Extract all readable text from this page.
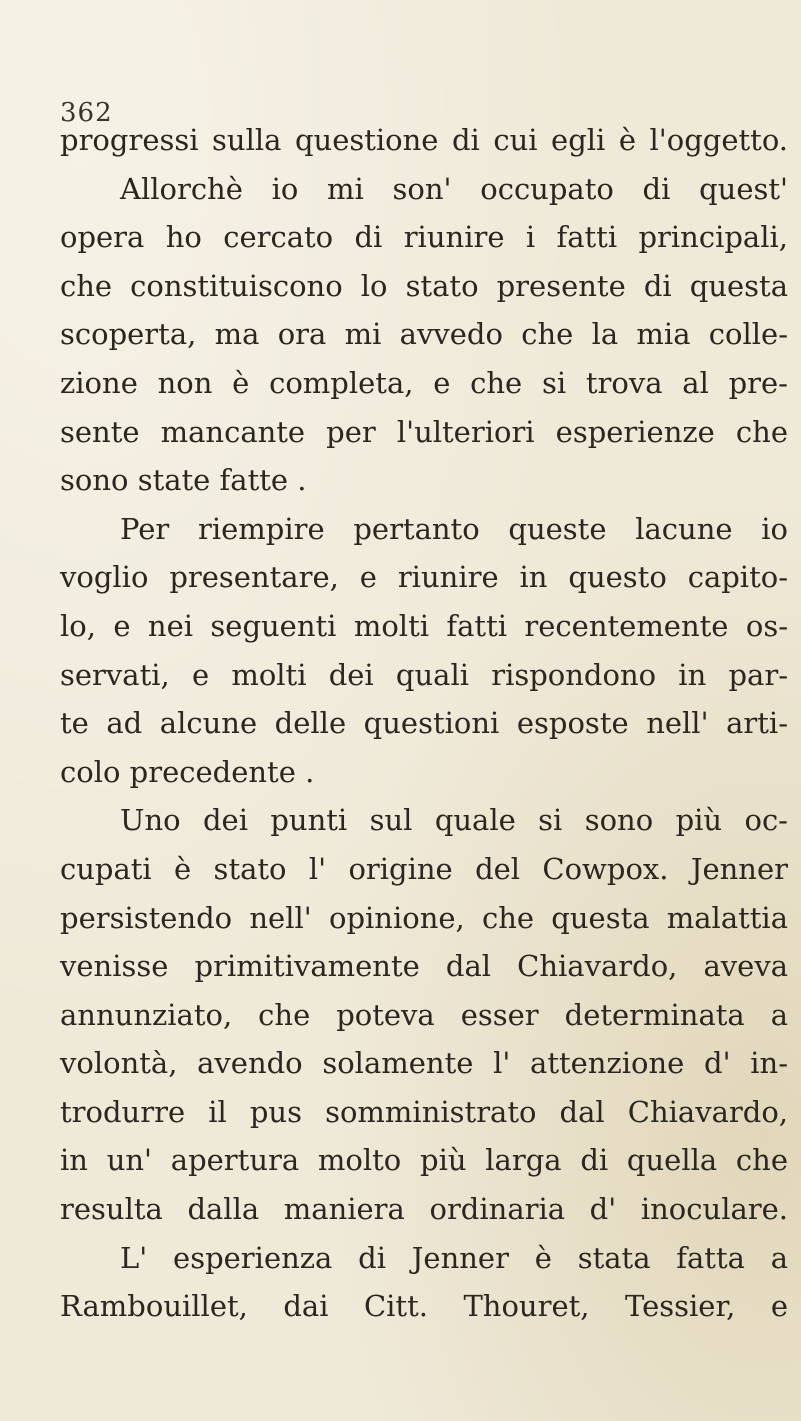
362
progressi sulla questione di cui egli è l'oggetto.
Allorchè io mi son' occupato di quest'
opera ho cercato di riunire i fatti principali,
che constituiscono lo stato presente di questa
scoperta, ma ora mi avvedo che la mia colle-
zione non è completa, e che si trova al pre-
sente mancante per l'ulteriori esperienze che
sono state fatte .
Per riempire pertanto queste lacune io
voglio presentare, e riunire in questo capito-
lo, e nei seguenti molti fatti recentemente os-
servati, e molti dei quali rispondono in par-
te ad alcune delle questioni esposte nell' arti-
colo precedente .
Uno dei punti sul quale si sono più oc-
cupati è stato l' origine del Cowpox. Jenner
persistendo nell' opinione, che questa malattia
venisse primitivamente dal Chiavardo, aveva
annunziato, che poteva esser determinata a
volontà, avendo solamente l' attenzione d' in-
trodurre il pus somministrato dal Chiavardo,
in un' apertura molto più larga di quella che
resulta dalla maniera ordinaria d' inoculare.
L' esperienza di Jenner è stata fatta a
Rambouillet, dai Citt. Thouret, Tessier, e
